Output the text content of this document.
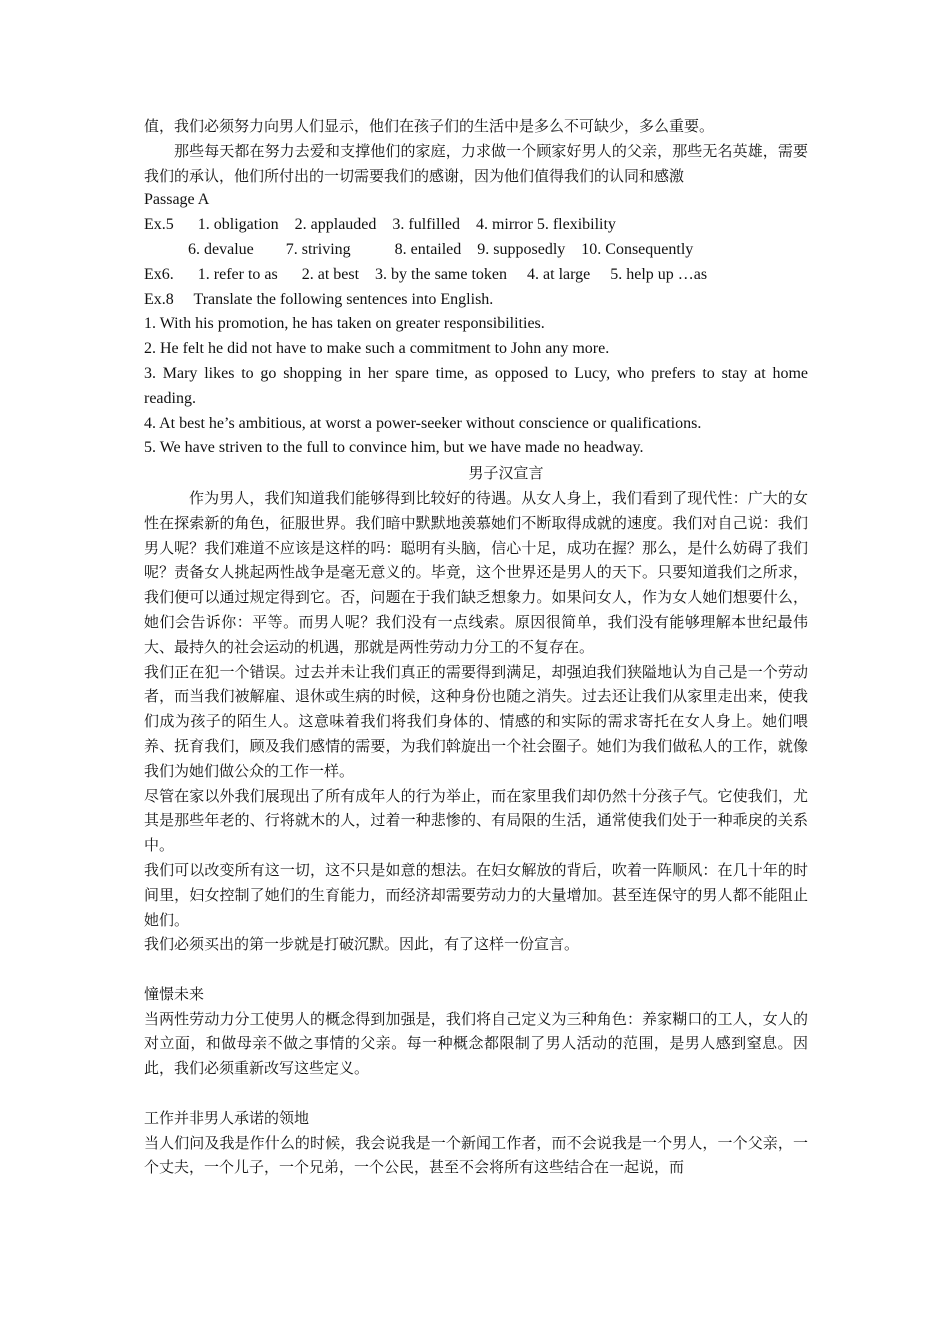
值，我们必须努力向男人们显示，他们在孩子们的生活中是多么不可缺少，多么重要。

那些每天都在努力去爱和支撑他们的家庭，力求做一个顾家好男人的父亲，那些无名英雄，需要我们的承认，他们所付出的一切需要我们的感谢，因为他们值得我们的认同和感激

Passage A

Ex.5      1. obligation    2. applauded    3. fulfilled    4. mirror 5. flexibility

6. devalue        7. striving           8. entailed    9. supposedly    10. Consequently

Ex6.      1. refer to as      2. at best    3. by the same token     4. at large     5. help up …as

Ex.8     Translate the following sentences into English.

1. With his promotion, he has taken on greater responsibilities.

2. He felt he did not have to make such a commitment to John any more.

3. Mary likes to go shopping in her spare time, as opposed to Lucy, who prefers to stay at home reading.

4. At best he’s ambitious, at worst a power-seeker without conscience or qualifications.

5. We have striven to the full to convince him, but we have made no headway.

男子汉宣言

作为男人，我们知道我们能够得到比较好的待遇。从女人身上，我们看到了现代性：广大的女性在探索新的角色，征服世界。我们暗中默默地羡慕她们不断取得成就的速度。我们对自己说：我们男人呢？我们难道不应该是这样的吗：聪明有头脑，信心十足，成功在握？那么，是什么妨碍了我们呢？责备女人挑起两性战争是毫无意义的。毕竟，这个世界还是男人的天下。只要知道我们之所求，我们便可以通过规定得到它。否，问题在于我们缺乏想象力。如果问女人，作为女人她们想要什么，她们会告诉你：平等。而男人呢？我们没有一点线索。原因很简单，我们没有能够理解本世纪最伟大、最持久的社会运动的机遇，那就是两性劳动力分工的不复存在。

我们正在犯一个错误。过去并未让我们真正的需要得到满足，却强迫我们狭隘地认为自己是一个劳动者，而当我们被解雇、退休或生病的时候，这种身份也随之消失。过去还让我们从家里走出来，使我们成为孩子的陌生人。这意味着我们将我们身体的、情感的和实际的需求寄托在女人身上。她们喂养、抚育我们，顾及我们感情的需要，为我们斡旋出一个社会圈子。她们为我们做私人的工作，就像我们为她们做公众的工作一样。

尽管在家以外我们展现出了所有成年人的行为举止，而在家里我们却仍然十分孩子气。它使我们，尤其是那些年老的、行将就木的人，过着一种悲惨的、有局限的生活，通常使我们处于一种乖戾的关系中。

我们可以改变所有这一切，这不只是如意的想法。在妇女解放的背后，吹着一阵顺风：在几十年的时间里，妇女控制了她们的生育能力，而经济却需要劳动力的大量增加。甚至连保守的男人都不能阻止她们。

我们必须买出的第一步就是打破沉默。因此，有了这样一份宣言。

憧憬未来

当两性劳动力分工使男人的概念得到加强是，我们将自己定义为三种角色：养家糊口的工人，女人的对立面，和做母亲不做之事情的父亲。每一种概念都限制了男人活动的范围，是男人感到窒息。因此，我们必须重新改写这些定义。

工作并非男人承诺的领地

当人们问及我是作什么的时候，我会说我是一个新闻工作者，而不会说我是一个男人，一个父亲，一个丈夫，一个儿子，一个兄弟，一个公民，甚至不会将所有这些结合在一起说，而
